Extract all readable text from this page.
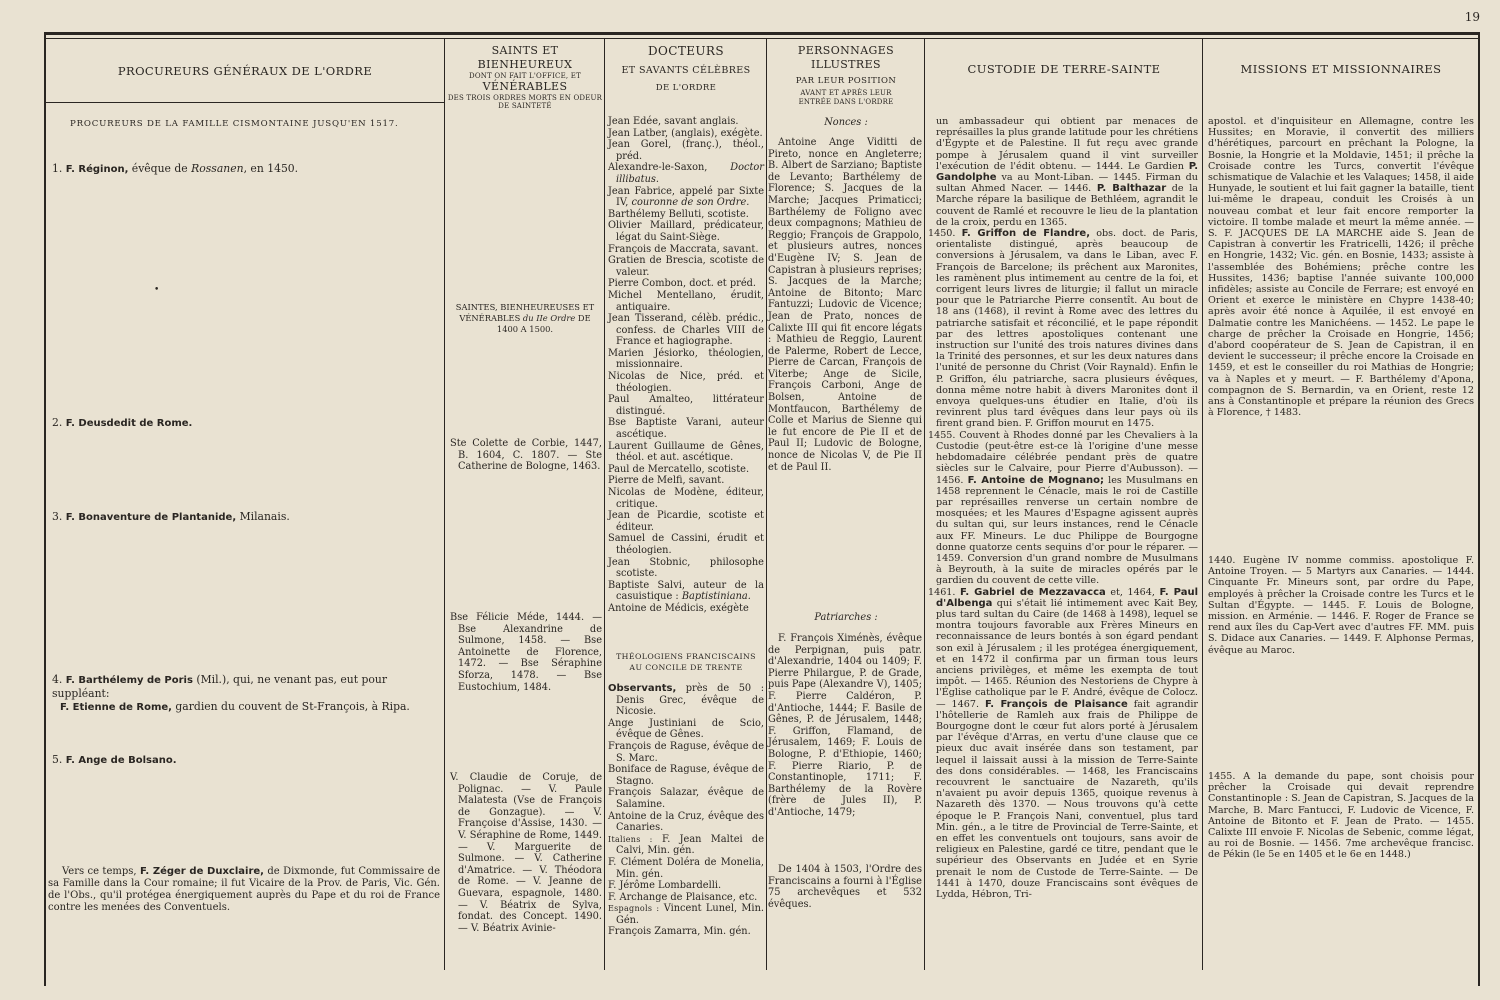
19
PROCUREURS GÉNÉRAUX DE L'ORDRE
SAINTS ET BIENHEUREUX
DONT ON FAIT L'OFFICE, ET
VÉNÉRABLES
DES TROIS ORDRES MORTS EN ODEUR DE SAINTETÉ
DOCTEURS
ET SAVANTS CÉLÈBRES
DE L'ORDRE
PERSONNAGES ILLUSTRES
PAR LEUR POSITION
AVANT ET APRÈS LEUR ENTRÉE DANS L'ORDRE
CUSTODIE DE TERRE-SAINTE	MISSIONS ET MISSIONNAIRES
PROCUREURS DE LA FAMILLE CISMONTAINE JUSQU'EN 1517.
1. F. Réginon, évêque de Rossanen, en 1450.
•
2. F. Deusdedit de Rome.
3. F. Bonaventure de Plantanide, Milanais.
4. F. Barthélemy de Poris (Mil.), qui, ne venant pas, eut pour suppléant:
F. Etienne de Rome, gardien du couvent de St-François, à Ripa.
5. F. Ange de Bolsano.
Vers ce temps, F. Zéger de Duxclaire, de Dixmonde, fut Commissaire de sa Famille dans la Cour romaine; il fut Vicaire de la Prov. de Paris, Vic. Gén. de l'Obs., qu'il protégea énergiquement auprès du Pape et du roi de France contre les menées des Conventuels.
SAINTES, BIENHEUREUSES ET VÉNÉRABLES du IIe Ordre DE 1400 A 1500.

Ste Colette de Corbie, 1447, B. 1604, C. 1807. — Ste Catherine de Bologne, 1463.

Bse Félicie Méde, 1444. — Bse Alexandrine de Sulmone, 1458. — Bse Antoinette de Florence, 1472. — Bse Séraphine Sforza, 1478. — Bse Eustochium, 1484.

V. Claudie de Coruje, de Polignac. — V. Paule Malatesta (Vse de François de Gonzague). — V. Françoise d'Assise, 1430. — V. Séraphine de Rome, 1449. — V. Marguerite de Sulmone. — V. Catherine d'Amatrice. — V. Théodora de Rome. — V. Jeanne de Guevara, espagnole, 1480. — V. Béatrix de Sylva, fondat. des Concept. 1490. — V. Béatrix Avinie-

Jean Edée, savant anglais.

Jean Latber, (anglais), exégète.

Jean Gorel, (franç.), théol., préd.

Alexandre-le-Saxon, Doctor illibatus.

Jean Fabrice, appelé par Sixte IV, couronne de son Ordre.

Barthélemy Belluti, scotiste.

Olivier Maillard, prédicateur, légat du Saint-Siège.

François de Maccrata, savant.

Gratien de Brescia, scotiste de valeur.

Pierre Combon, doct. et préd.

Michel Mentellano, érudit, antiquaire.

Jean Tisserand, célèb. prédic., confess. de Charles VIII de France et hagiographe.

Marien Jésiorko, théologien, missionnaire.

Nicolas de Nice, préd. et théologien.

Paul Amalteo, littérateur distingué.

Bse Baptiste Varani, auteur ascétique.

Laurent Guillaume de Gênes, théol. et aut. ascétique.

Paul de Mercatello, scotiste.

Pierre de Melfi, savant.

Nicolas de Modène, éditeur, critique.

Jean de Picardie, scotiste et éditeur.

Samuel de Cassini, érudit et théologien.

Jean Stobnic, philosophe scotiste.

Baptiste Salvi, auteur de la casuistique : Baptistiniana.

Antoine de Médicis, exégète

THÉOLOGIENS FRANCISCAINS AU CONCILE DE TRENTE

Observants, près de 50 : Denis Grec, évêque de Nicosie.

Ange Justiniani de Scio, évêque de Gênes.

François de Raguse, évêque de S. Marc.

Boniface de Raguse, évêque de Stagno.

François Salazar, évêque de Salamine.

Antoine de la Cruz, évêque des Canaries.

Italiens : F. Jean Maltei de Calvi, Min. gén.

F. Clément Doléra de Monelia, Min. gén.

F. Jérôme Lombardelli.

F. Archange de Plaisance, etc.

Espagnols : Vincent Lunel, Min. Gén.

François Zamarra, Min. gén.

Nonces :
Antoine Ange Viditti de Pireto, nonce en Angleterre; B. Albert de Sarziano; Baptiste de Levanto; Barthélemy de Florence; S. Jacques de la Marche; Jacques Primaticci; Barthélemy de Foligno avec deux compagnons; Mathieu de Reggio; François de Grappolo, et plusieurs autres, nonces d'Eugène IV; S. Jean de Capistran à plusieurs reprises; S. Jacques de la Marche; Antoine de Bitonto; Marc Fantuzzi; Ludovic de Vicence; Jean de Prato, nonces de Calixte III qui fit encore légats : Mathieu de Reggio, Laurent de Palerme, Robert de Lecce, Pierre de Carcan, François de Viterbe; Ange de Sicile, François Carboni, Ange de Bolsen, Antoine de Montfaucon, Barthélemy de Colle et Marius de Sienne qui le fut encore de Pie II et de Paul II; Ludovic de Bologne, nonce de Nicolas V, de Pie II et de Paul II.
Patriarches :
F. François Ximénès, évêque de Perpignan, puis patr. d'Alexandrie, 1404 ou 1409; F. Pierre Philargue, P. de Grade, puis Pape (Alexandre V), 1405; F. Pierre Caldéron, P. d'Antioche, 1444; F. Basile de Gênes, P. de Jérusalem, 1448; F. Griffon, Flamand, de Jérusalem, 1469; F. Louis de Bologne, P. d'Ethiopie, 1460; F. Pierre Riario, P. de Constantinople, 1711; F. Barthélemy de la Rovère (frère de Jules II), P. d'Antioche, 1479;
De 1404 à 1503, l'Ordre des Franciscains a fourni à l'Église 75 archevêques et 532 évêques.

un ambassadeur qui obtient par menaces de représailles la plus grande latitude pour les chrétiens d'Égypte et de Palestine. Il fut reçu avec grande pompe à Jérusalem quand il vint surveiller l'exécution de l'édit obtenu. — 1444. Le Gardien P. Gandolphe va au Mont-Liban. — 1445. Firman du sultan Ahmed Nacer. — 1446. P. Balthazar de la Marche répare la basilique de Bethléem, agrandit le couvent de Ramlé et recouvre le lieu de la plantation de la croix, perdu en 1365.

1450. F. Griffon de Flandre, obs. doct. de Paris, orientaliste distingué, après beaucoup de conversions à Jérusalem, va dans le Liban, avec F. François de Barcelone; ils prêchent aux Maronites, les ramènent plus intimement au centre de la foi, et corrigent leurs livres de liturgie; il fallut un miracle pour que le Patriarche Pierre consentît. Au bout de 18 ans (1468), il revint à Rome avec des lettres du patriarche satisfait et réconcilié, et le pape répondit par des lettres apostoliques contenant une instruction sur l'unité des trois natures divines dans la Trinité des personnes, et sur les deux natures dans l'unité de personne du Christ (Voir Raynald). Enfin le P. Griffon, élu patriarche, sacra plusieurs évêques, donna même notre habit à divers Maronites dont il envoya quelques-uns étudier en Italie, d'où ils revinrent plus tard évêques dans leur pays où ils firent grand bien. F. Griffon mourut en 1475.

1455. Couvent à Rhodes donné par les Chevaliers à la Custodie (peut-être est-ce là l'origine d'une messe hebdomadaire célébrée pendant près de quatre siècles sur le Calvaire, pour Pierre d'Aubusson). — 1456. F. Antoine de Mognano; les Musulmans en 1458 reprennent le Cénacle, mais le roi de Castille par représailles renverse un certain nombre de mosquées; et les Maures d'Espagne agissent auprès du sultan qui, sur leurs instances, rend le Cénacle aux FF. Mineurs. Le duc Philippe de Bourgogne donne quatorze cents sequins d'or pour le réparer. — 1459. Conversion d'un grand nombre de Musulmans à Beyrouth, à la suite de miracles opérés par le gardien du couvent de cette ville.

1461. F. Gabriel de Mezzavacca et, 1464, F. Paul d'Albenga qui s'était lié intimement avec Kait Bey, plus tard sultan du Caire (de 1468 à 1498), lequel se montra toujours favorable aux Frères Mineurs en reconnaissance de leurs bontés à son égard pendant son exil à Jérusalem ; il les protégea énergiquement, et en 1472 il confirma par un firman tous leurs anciens privilèges, et même les exempta de tout impôt. — 1465. Réunion des Nestoriens de Chypre à l'Église catholique par le F. André, évêque de Colocz. — 1467. F. François de Plaisance fait agrandir l'hôtellerie de Ramleh aux frais de Philippe de Bourgogne dont le cœur fut alors porté à Jérusalem par l'évêque d'Arras, en vertu d'une clause que ce pieux duc avait insérée dans son testament, par lequel il laissait aussi à la mission de Terre-Sainte des dons considérables. — 1468, les Franciscains recouvrent le sanctuaire de Nazareth, qu'ils n'avaient pu avoir depuis 1365, quoique revenus à Nazareth dès 1370. — Nous trouvons qu'à cette époque le P. François Nani, conventuel, plus tard Min. gén., a le titre de Provincial de Terre-Sainte, et en effet les conventuels ont toujours, sans avoir de religieux en Palestine, gardé ce titre, pendant que le supérieur des Observants en Judée et en Syrie prenait le nom de Custode de Terre-Sainte. — De 1441 à 1470, douze Franciscains sont évêques de Lydda, Hébron, Tri-

apostol. et d'inquisiteur en Allemagne, contre les Hussites; en Moravie, il convertit des milliers d'hérétiques, parcourt en prêchant la Pologne, la Bosnie, la Hongrie et la Moldavie, 1451; il prêche la Croisade contre les Turcs, convertit l'évêque schismatique de Valachie et les Valaques; 1458, il aide Hunyade, le soutient et lui fait gagner la bataille, tient lui-même le drapeau, conduit les Croisés à un nouveau combat et leur fait encore remporter la victoire. Il tombe malade et meurt la même année. — S. F. JACQUES DE LA MARCHE aide S. Jean de Capistran à convertir les Fratricelli, 1426; il prêche en Hongrie, 1432; Vic. gén. en Bosnie, 1433; assiste à l'assemblée des Bohémiens; prêche contre les Hussites, 1436; baptise l'année suivante 100,000 infidèles; assiste au Concile de Ferrare; est envoyé en Orient et exerce le ministère en Chypre 1438-40; après avoir été nonce à Aquilée, il est envoyé en Dalmatie contre les Manichéens. — 1452. Le pape le charge de prêcher la Croisade en Hongrie, 1456; d'abord coopérateur de S. Jean de Capistran, il en devient le successeur; il prêche encore la Croisade en 1459, et est le conseiller du roi Mathias de Hongrie; va à Naples et y meurt. — F. Barthélemy d'Apona, compagnon de S. Bernardin, va en Orient, reste 12 ans à Constantinople et prépare la réunion des Grecs à Florence, † 1483.
1440. Eugène IV nomme commiss. apostolique F. Antoine Troyen. — 5 Martyrs aux Canaries. — 1444. Cinquante Fr. Mineurs sont, par ordre du Pape, employés à prêcher la Croisade contre les Turcs et le Sultan d'Égypte. — 1445. F. Louis de Bologne, mission. en Arménie. — 1446. F. Roger de France se rend aux îles du Cap-Vert avec d'autres FF. MM. puis S. Didace aux Canaries. — 1449. F. Alphonse Permas, évêque au Maroc.
1455. A la demande du pape, sont choisis pour prêcher la Croisade qui devait reprendre Constantinople : S. Jean de Capistran, S. Jacques de la Marche, B. Marc Fantucci, F. Ludovic de Vicence, F. Antoine de Bitonto et F. Jean de Prato. — 1455. Calixte III envoie F. Nicolas de Sebenic, comme légat, au roi de Bosnie. — 1456. 7me archevêque francisc. de Pékin (le 5e en 1405 et le 6e en 1448.)
